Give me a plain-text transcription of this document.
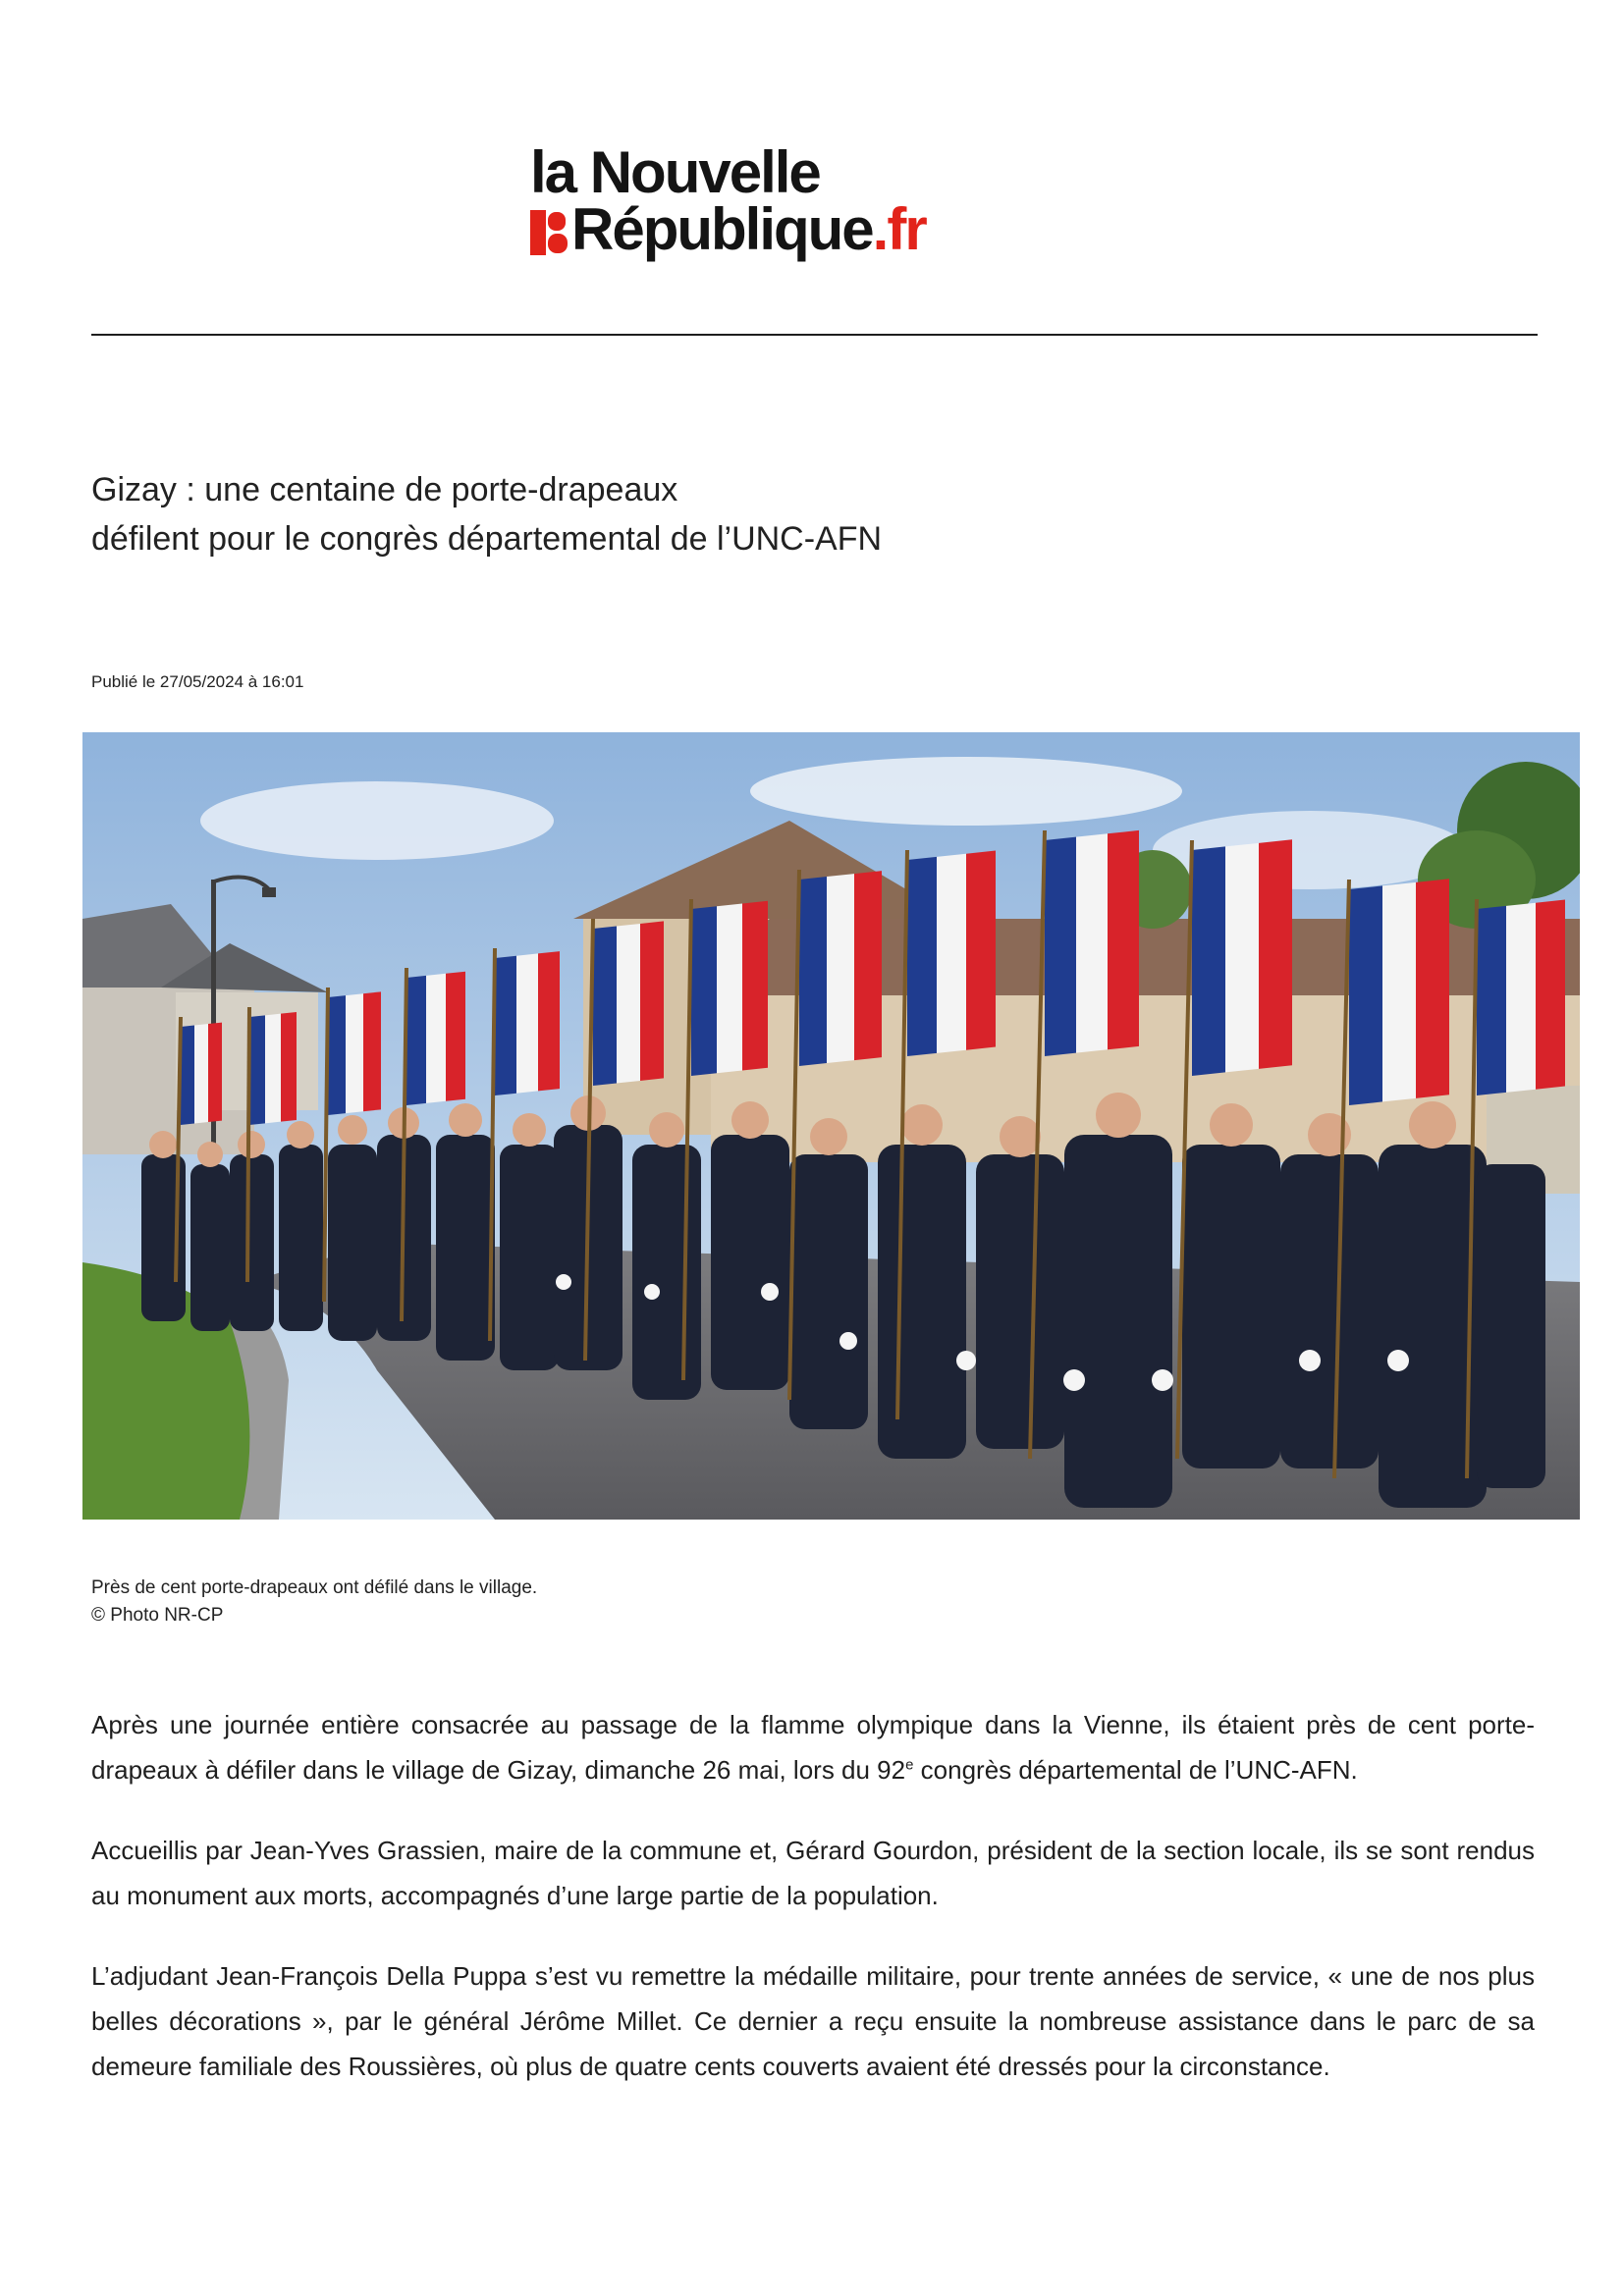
la Nouvelle
République.fr
Gizay : une centaine de porte-drapeaux
défilent pour le congrès départemental de l’UNC-AFN
Publié le 27/05/2024 à 16:01
Près de cent porte-drapeaux ont défilé dans le village.
© Photo NR-CP

Après une journée entière consacrée au passage de la flamme olympique dans la Vienne, ils étaient près de cent porte-drapeaux à défiler dans le village de Gizay, dimanche 26 mai, lors du 92e congrès départemental de l’UNC-AFN.

Accueillis par Jean-Yves Grassien, maire de la commune et, Gérard Gourdon, président de la section locale, ils se sont rendus au monument aux morts, accompagnés d’une large partie de la population.

L’adjudant Jean-François Della Puppa s’est vu remettre la médaille militaire, pour trente années de service, « une de nos plus belles décorations », par le général Jérôme Millet. Ce dernier a reçu ensuite la nombreuse assistance dans le parc de sa demeure familiale des Roussières, où plus de quatre cents couverts avaient été dressés pour la circonstance.
